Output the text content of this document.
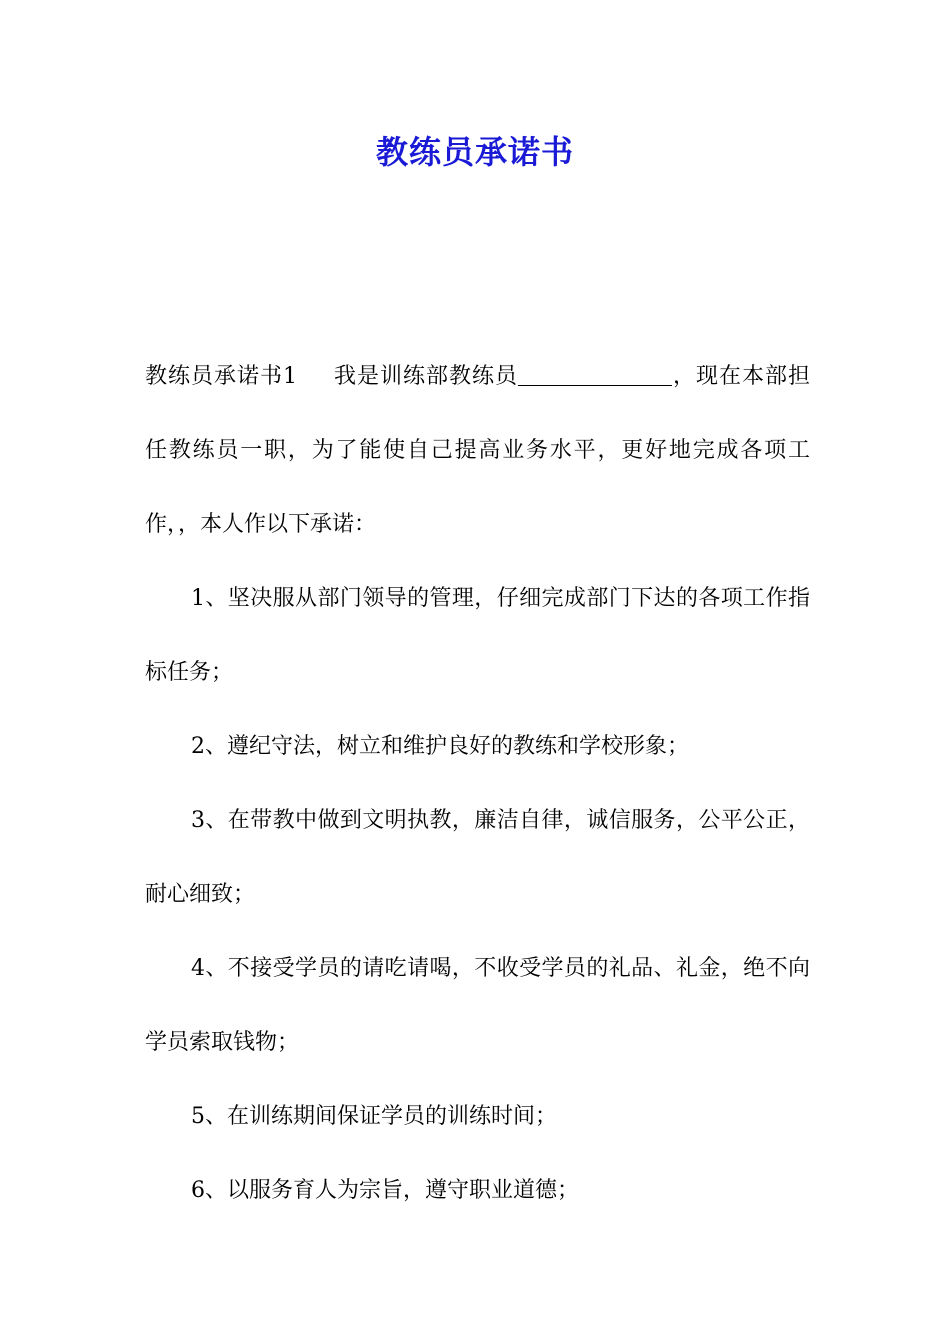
教练员承诺书

教练员承诺书1 我是训练部教练员	，现在本部担任教练员一职，为了能使自己提高业务水平，更好地完成各项工作，，本人作以下承诺：

1、坚决服从部门领导的管理，仔细完成部门下达的各项工作指标任务；

2、遵纪守法，树立和维护良好的教练和学校形象；

3、在带教中做到文明执教，廉洁自律，诚信服务，公平公正，耐心细致；

4、不接受学员的请吃请喝，不收受学员的礼品、礼金，绝不向学员索取钱物；

5、在训练期间保证学员的训练时间；

6、以服务育人为宗旨，遵守职业道德；
